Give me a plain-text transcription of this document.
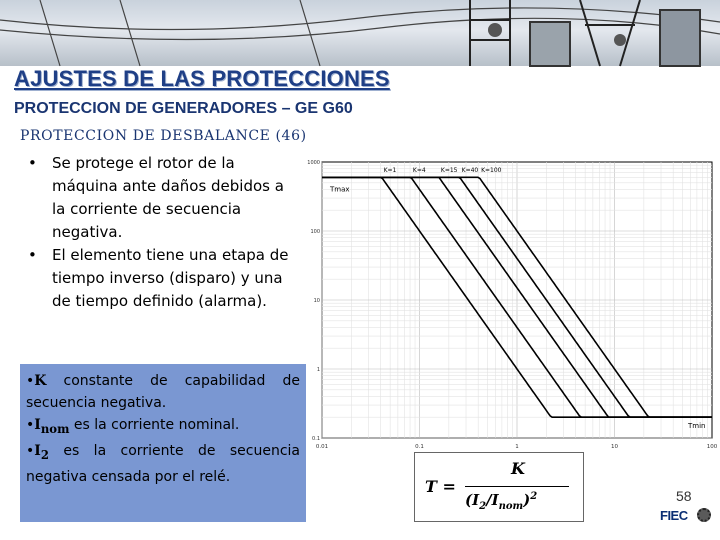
AJUSTES DE LAS PROTECCIONES
PROTECCION DE GENERADORES – GE G60
PROTECCION DE DESBALANCE (46)
• Se protege el rotor de la máquina ante daños debidos a la corriente de secuencia negativa.
• El elemento tiene una etapa de tiempo inverso (disparo) y una de tiempo definido (alarma).
•K constante de capabilidad de secuencia negativa.
$•I_{nom}$ es la corriente nominal.
$•I_2$ es la corriente de secuencia negativa censada por el relé.
0.01	0.1	1	10	100
1000
100
10
1
0.1
K=1	K=4	K=15 K=40 K=100
Tmax
Tmin
T =
K
$(I_2/I_{nom})^2$	58
FIEC
